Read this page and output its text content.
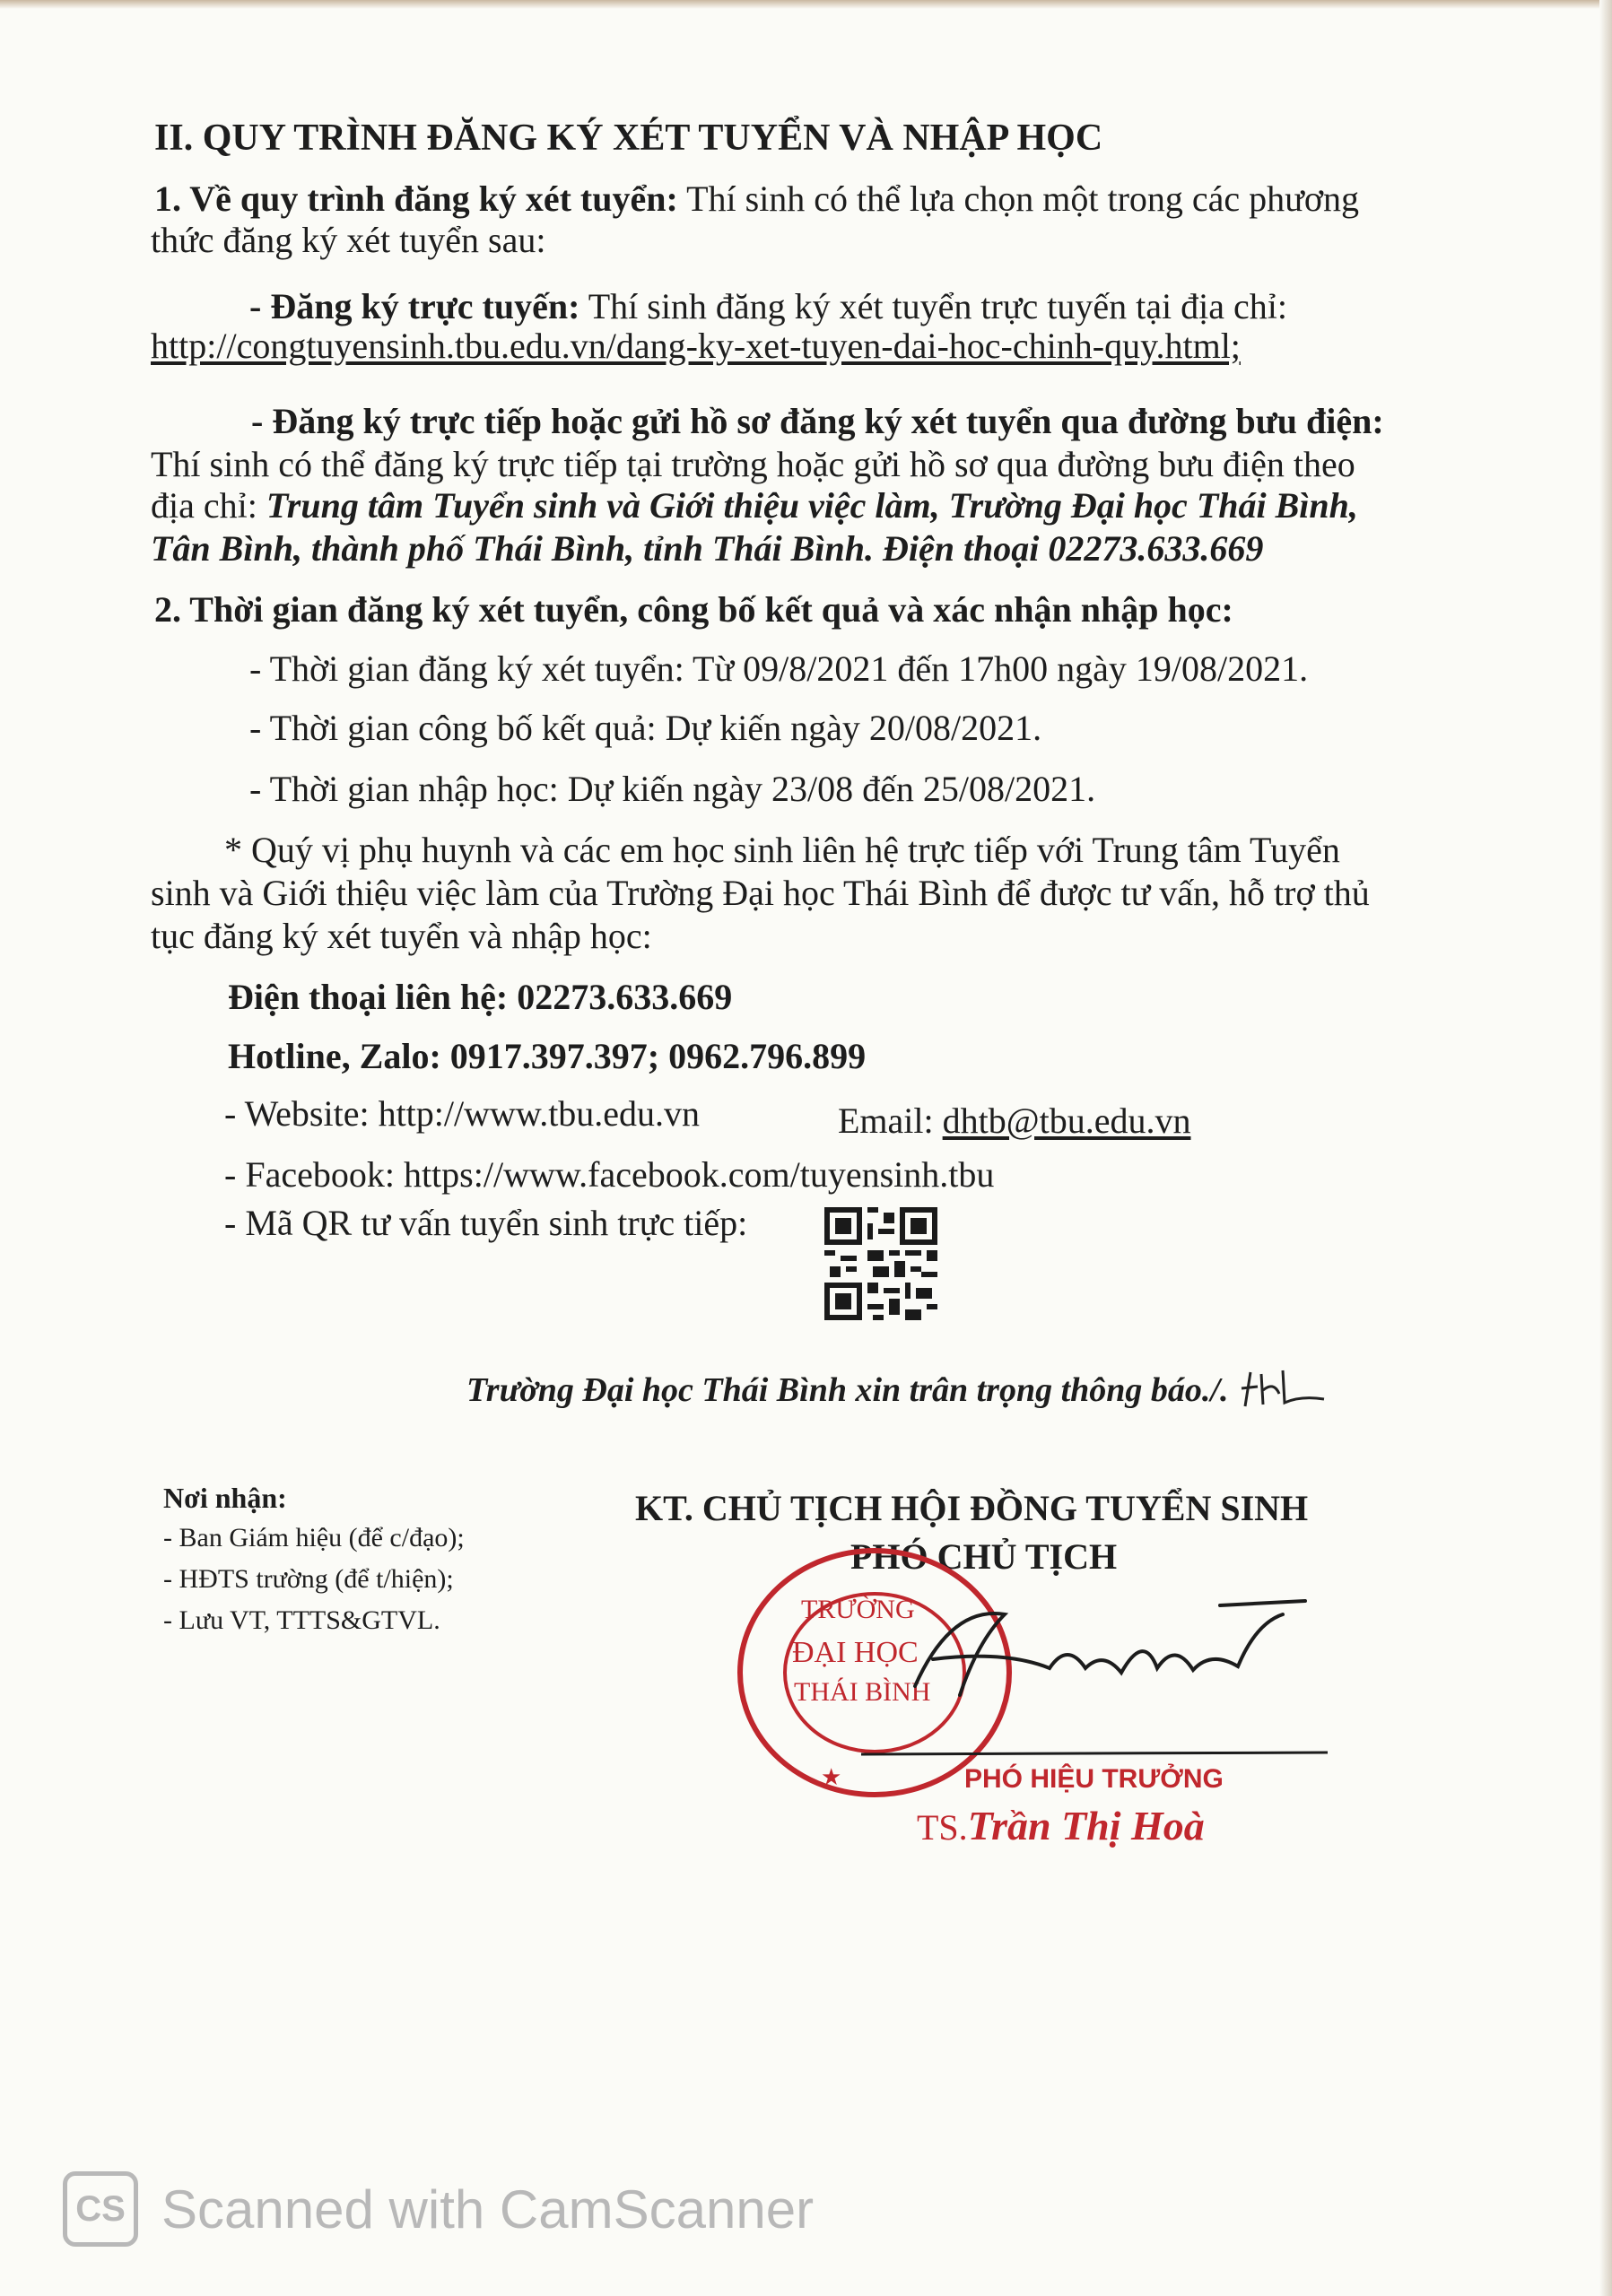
II. QUY TRÌNH ĐĂNG KÝ XÉT TUYỂN VÀ NHẬP HỌC
1. Về quy trình đăng ký xét tuyển: Thí sinh có thể lựa chọn một trong các phương
thức đăng ký xét tuyển sau:
- Đăng ký trực tuyến: Thí sinh đăng ký xét tuyển trực tuyến tại địa chỉ:
http://congtuyensinh.tbu.edu.vn/dang-ky-xet-tuyen-dai-hoc-chinh-quy.html;
- Đăng ký trực tiếp hoặc gửi hồ sơ đăng ký xét tuyển qua đường bưu điện:
Thí sinh có thể đăng ký trực tiếp tại trường hoặc gửi hồ sơ qua đường bưu điện theo
địa chỉ: Trung tâm Tuyển sinh và Giới thiệu việc làm, Trường Đại học Thái Bình,
Tân Bình, thành phố Thái Bình, tỉnh Thái Bình. Điện thoại 02273.633.669
2. Thời gian đăng ký xét tuyển, công bố kết quả và xác nhận nhập học:
- Thời gian đăng ký xét tuyển: Từ 09/8/2021 đến 17h00 ngày 19/08/2021.
- Thời gian công bố kết quả: Dự kiến ngày 20/08/2021.
- Thời gian nhập học: Dự kiến ngày 23/08 đến 25/08/2021.
* Quý vị phụ huynh và các em học sinh liên hệ trực tiếp với Trung tâm Tuyển
sinh và Giới thiệu việc làm của Trường Đại học Thái Bình để được tư vấn, hỗ trợ thủ
tục đăng ký xét tuyển và nhập học:
Điện thoại liên hệ: 02273.633.669
Hotline, Zalo: 0917.397.397; 0962.796.899
- Website: http://www.tbu.edu.vn	Email: dhtb@tbu.edu.vn
- Facebook: https://www.facebook.com/tuyensinh.tbu
- Mã QR tư vấn tuyển sinh trực tiếp:
Trường Đại học Thái Bình xin trân trọng thông báo./.
Nơi nhận:
- Ban Giám hiệu (để c/đạo);
- HĐTS trường (để t/hiện);
- Lưu VT, TTTS&GTVL.
KT. CHỦ TỊCH HỘI ĐỒNG TUYỂN SINH
PHÓ CHỦ TỊCH
★
TRƯỜNG
ĐẠI HỌC
THÁI BÌNH
PHÓ HIỆU TRƯỞNG
TS.Trần Thị Hoà
CS Scanned with CamScanner
